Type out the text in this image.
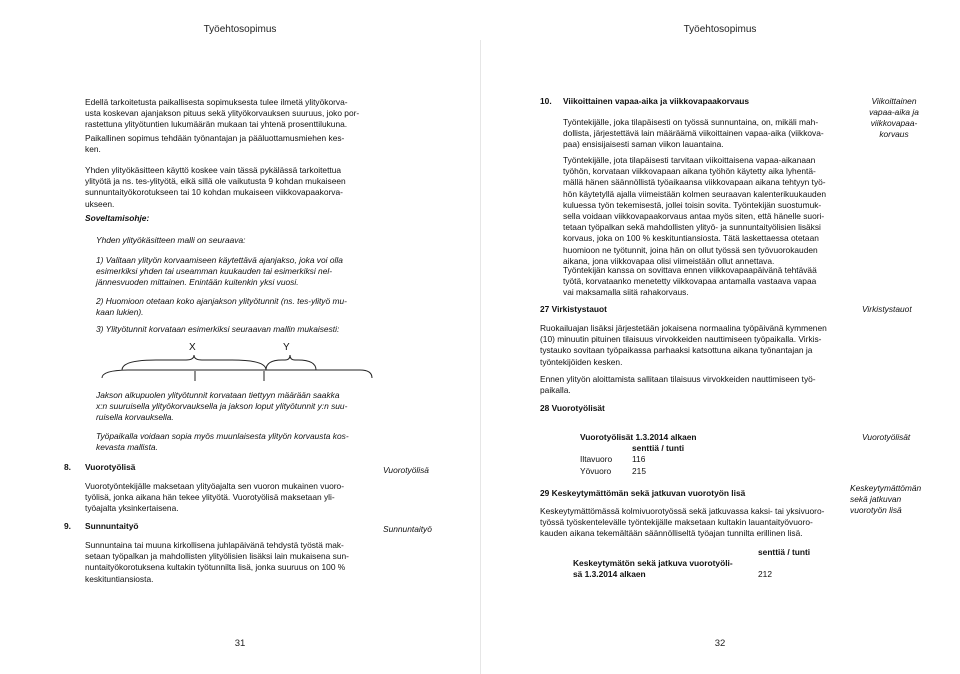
Työehtosopimus

Edellä tarkoitetusta paikallisesta sopimuksesta tulee ilmetä ylityökorva-
usta koskevan ajanjakson pituus sekä ylityökorvauksen suuruus, joko por-
rastettuna ylityötuntien lukumäärän mukaan tai yhtenä prosenttilukuna.

Paikallinen sopimus tehdään työnantajan ja pääluottamusmiehen kes-
ken.

Yhden ylityökäsitteen käyttö koskee vain tässä pykälässä tarkoitettua
ylityötä ja ns. tes-ylityötä, eikä sillä ole vaikutusta 9 kohdan mukaiseen
sunnuntaityökorotukseen tai 10 kohdan mukaiseen viikkovapaakorva-
ukseen.

Soveltamisohje:

Yhden ylityökäsitteen malli on seuraava:

1) Valitaan ylityön korvaamiseen käytettävä ajanjakso, joka voi olla
esimerkiksi yhden tai useamman kuukauden tai esimerkiksi nel-
jännesvuoden mittainen. Enintään kuitenkin yksi vuosi.

2) Huomioon otetaan koko ajanjakson ylityötunnit (ns. tes-ylityö mu-
kaan lukien).

3) Ylityötunnit korvataan esimerkiksi seuraavan mallin mukaisesti:

X	Y

Jakson alkupuolen ylityötunnit korvataan tiettyyn määrään saakka
x:n suuruisella ylityökorvauksella ja jakson loput ylityötunnit y:n suu-
ruisella korvauksella.

Työpaikalla voidaan sopia myös muunlaisesta ylityön korvausta kos-
kevasta mallista.

8. Vuorotyölisä	Vuorotyölisä

Vuorotyöntekijälle maksetaan ylityöajalta sen vuoron mukainen vuoro-
työlisä, jonka aikana hän tekee ylityötä. Vuorotyölisä maksetaan yli-
työajalta yksinkertaisena.

9. Sunnuntaityö	Sunnuntaityö

Sunnuntaina tai muuna kirkollisena juhlapäivänä tehdystä työstä mak-
setaan työpalkan ja mahdollisten ylityölisien lisäksi lain mukaisena sun-
nuntaityökorotuksena kultakin työtunnilta lisä, jonka suuruus on 100 %
keskituntiansiosta.

31
Työehtosopimus
10. Viikoittainen vapaa-aika ja viikkovapaakorvaus	Viikoittainen
vapaa-aika ja
viikkovapaa-
korvaus

Työntekijälle, joka tilapäisesti on työssä sunnuntaina, on, mikäli mah-
dollista, järjestettävä lain määräämä viikoittainen vapaa-aika (viikkova-
paa) ensisijaisesti saman viikon lauantaina.

Työntekijälle, jota tilapäisesti tarvitaan viikoittaisena vapaa-aikanaan
työhön, korvataan viikkovapaan aikana työhön käytetty aika lyhentä-
mällä hänen säännöllistä työaikaansa viikkovapaan aikana tehtyyn työ-
hön käytetyllä ajalla viimeistään kolmen seuraavan kalenterikuukauden
kuluessa työn tekemisestä, jollei toisin sovita. Työntekijän suostumuk-
sella voidaan viikkovapaakorvaus antaa myös siten, että hänelle suori-
tetaan työpalkan sekä mahdollisten ylityö- ja sunnuntaityölisien lisäksi
korvaus, joka on 100 % keskituntiansiosta. Tätä laskettaessa otetaan
huomioon ne työtunnit, joina hän on ollut työssä sen työvuorokauden
aikana, jona viikkovapaa olisi viimeistään ollut annettava.

Työntekijän kanssa on sovittava ennen viikkovapaapäivänä tehtävää
työtä, korvataanko menetetty viikkovapaa antamalla vastaava vapaa
vai maksamalla siitä rahakorvaus.

27 Virkistystauot	Virkistystauot

Ruokailuajan lisäksi järjestetään jokaisena normaalina työpäivänä kymmenen
(10) minuutin pituinen tilaisuus virvokkeiden nauttimiseen työpaikalla. Virkis-
tystauko sovitaan työpaikassa parhaaksi katsottuna aikana työnantajan ja
työntekijöiden kesken.

Ennen ylityön aloittamista sallitaan tilaisuus virvokkeiden nauttimiseen työ-
paikalla.

28 Vuorotyölisät
Vuorotyölisät
Vuorotyölisät 1.3.2014 alkaen
senttiä / tunti
Iltavuoro	116
Yövuoro	215
29 Keskeytymättömän sekä jatkuvan vuorotyön lisä	Keskeytymättömän
sekä jatkuvan
vuorotyön lisä

Keskeytymättömässä kolmivuorotyössä sekä jatkuvassa kaksi- tai yksivuoro-
työssä työskentelevälle työntekijälle maksetaan kultakin lauantaityövuoro-
kauden aikana tekemältään säännölliseltä työajan tunnilta erillinen lisä.

senttiä / tunti

Keskeytymätön sekä jatkuva vuorotyöli-
sä 1.3.2014 alkaen	212
32
